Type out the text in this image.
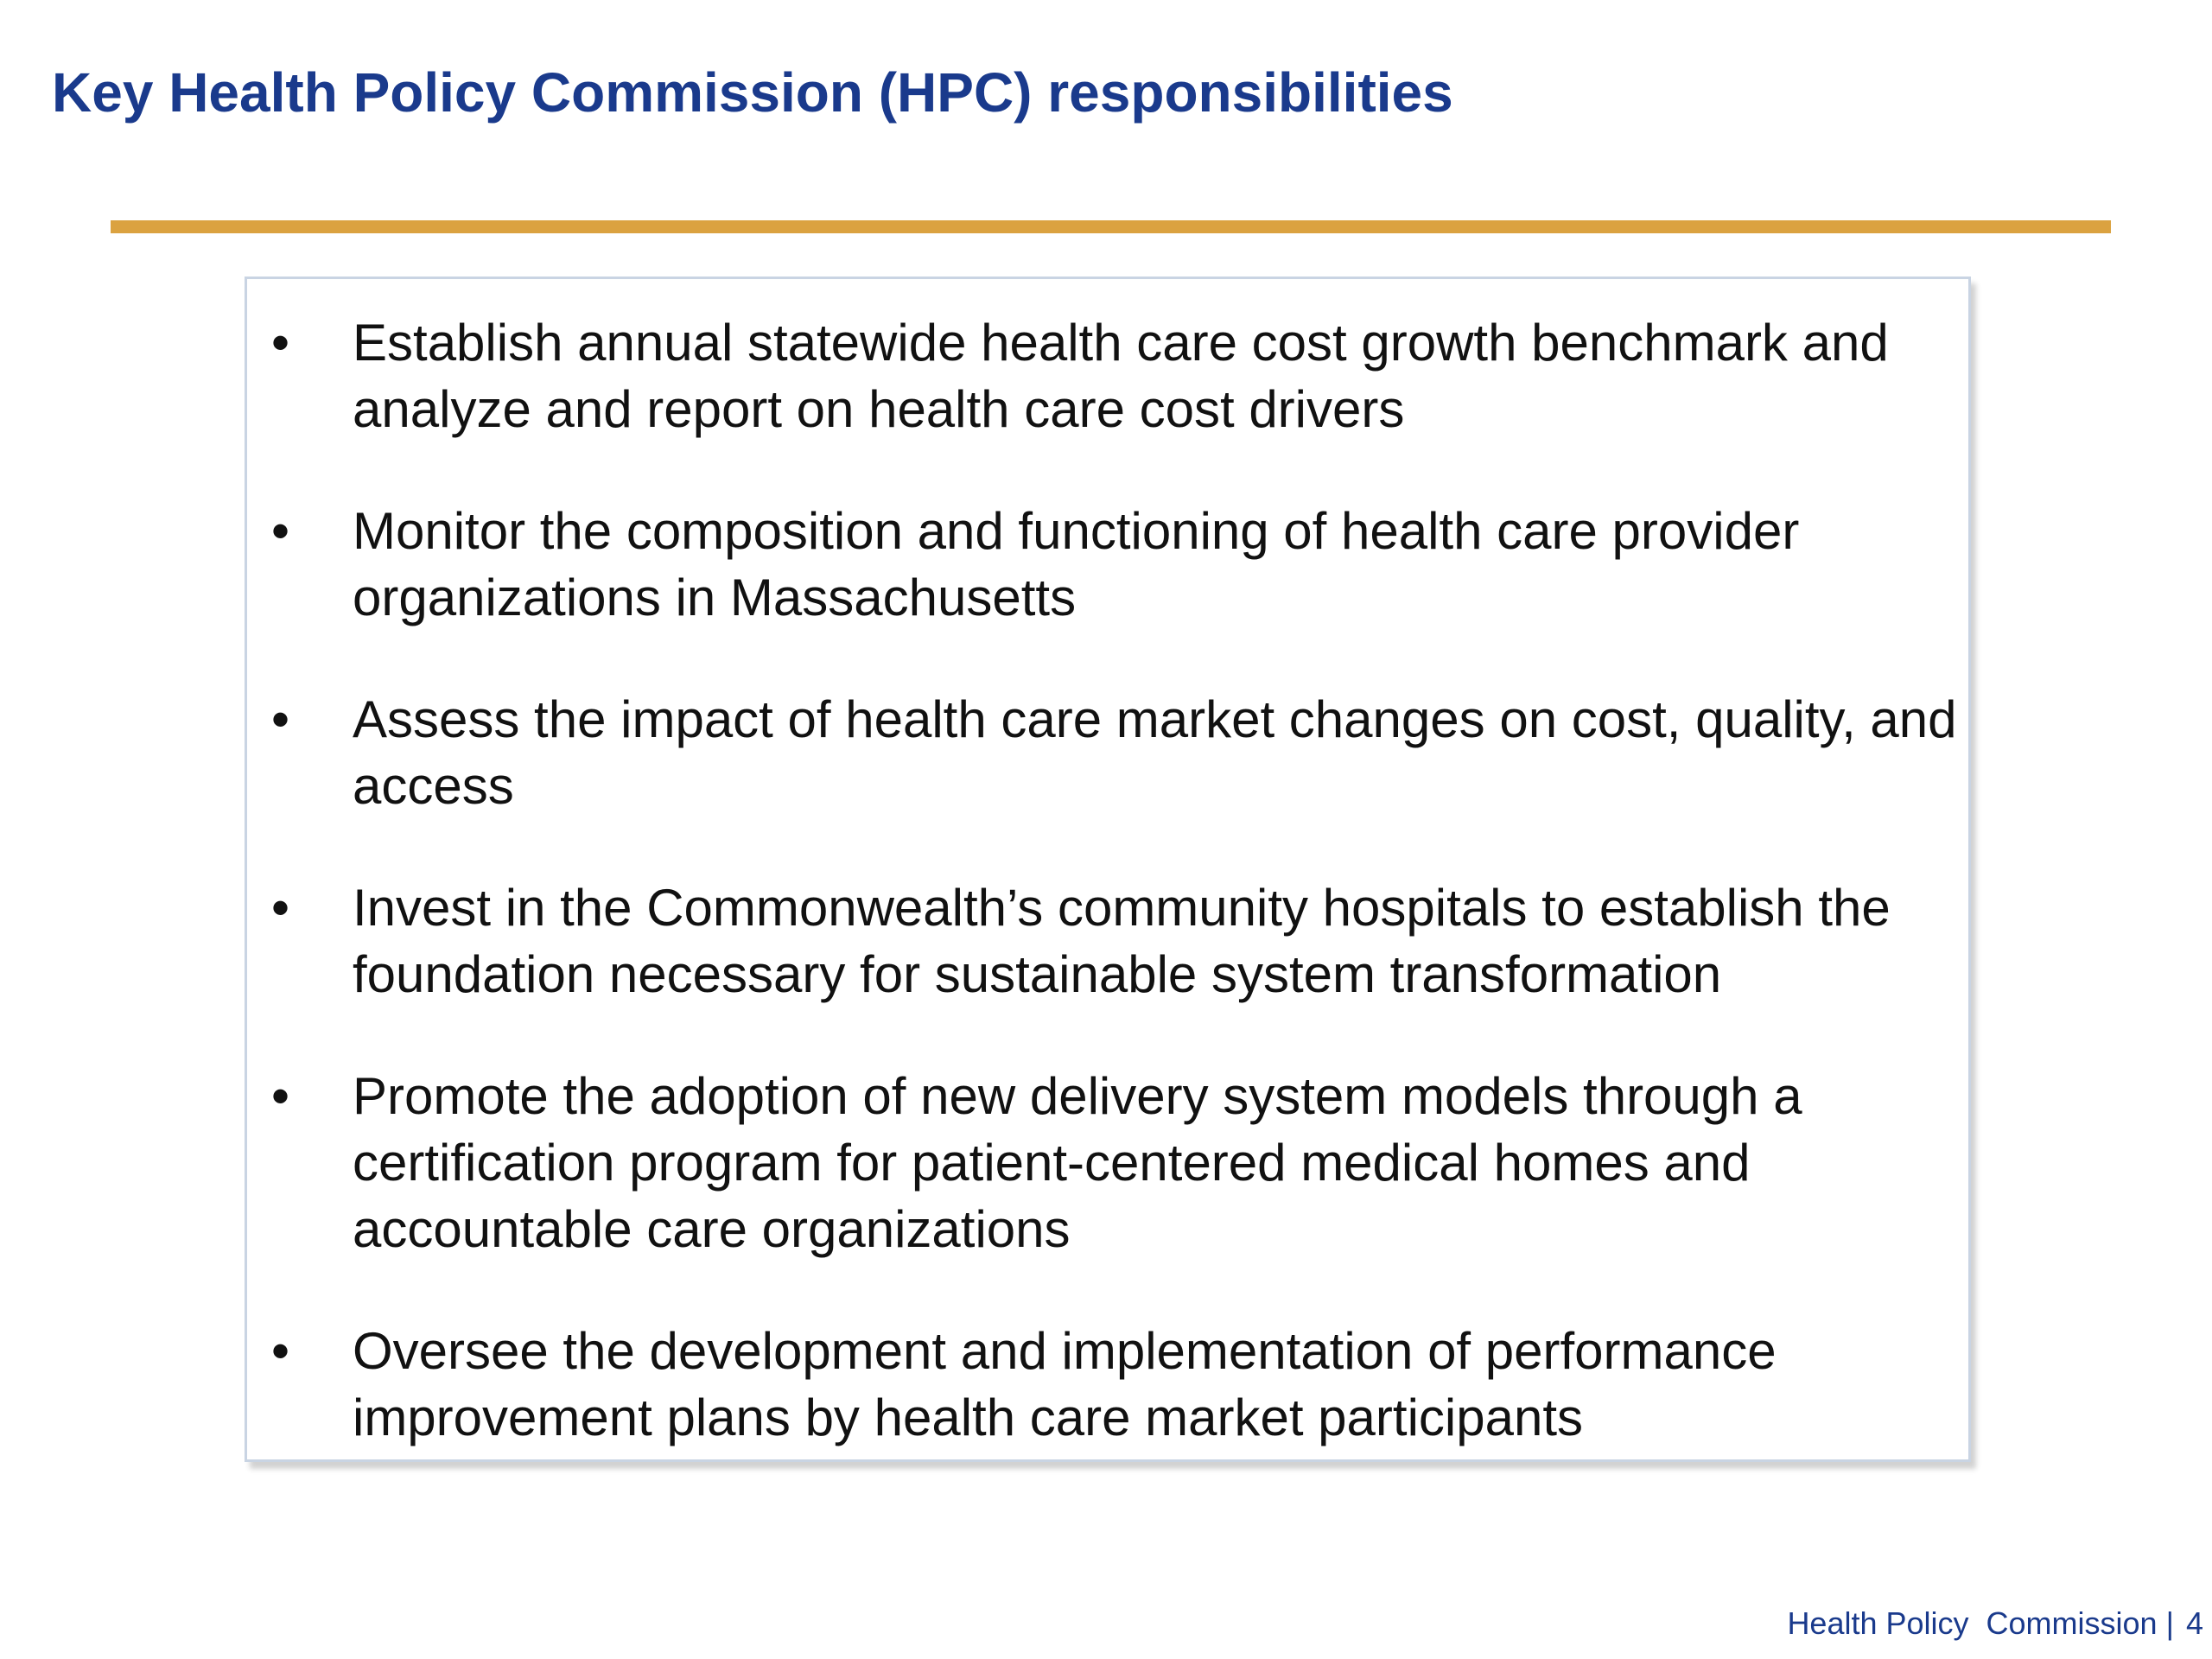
Key Health Policy Commission (HPC) responsibilities
• Establish annual statewide health care cost growth benchmark and analyze and report on health care cost drivers
• Monitor the composition and functioning of health care provider organizations in Massachusetts
• Assess the impact of health care market changes on cost, quality, and access
• Invest in the Commonwealth’s community hospitals to establish the foundation necessary for sustainable system transformation
• Promote the adoption of new delivery system models through a certification program for patient-centered medical homes and accountable care organizations
• Oversee the development and implementation of performance improvement plans by health care market participants
Health Policy  Commission | 4
